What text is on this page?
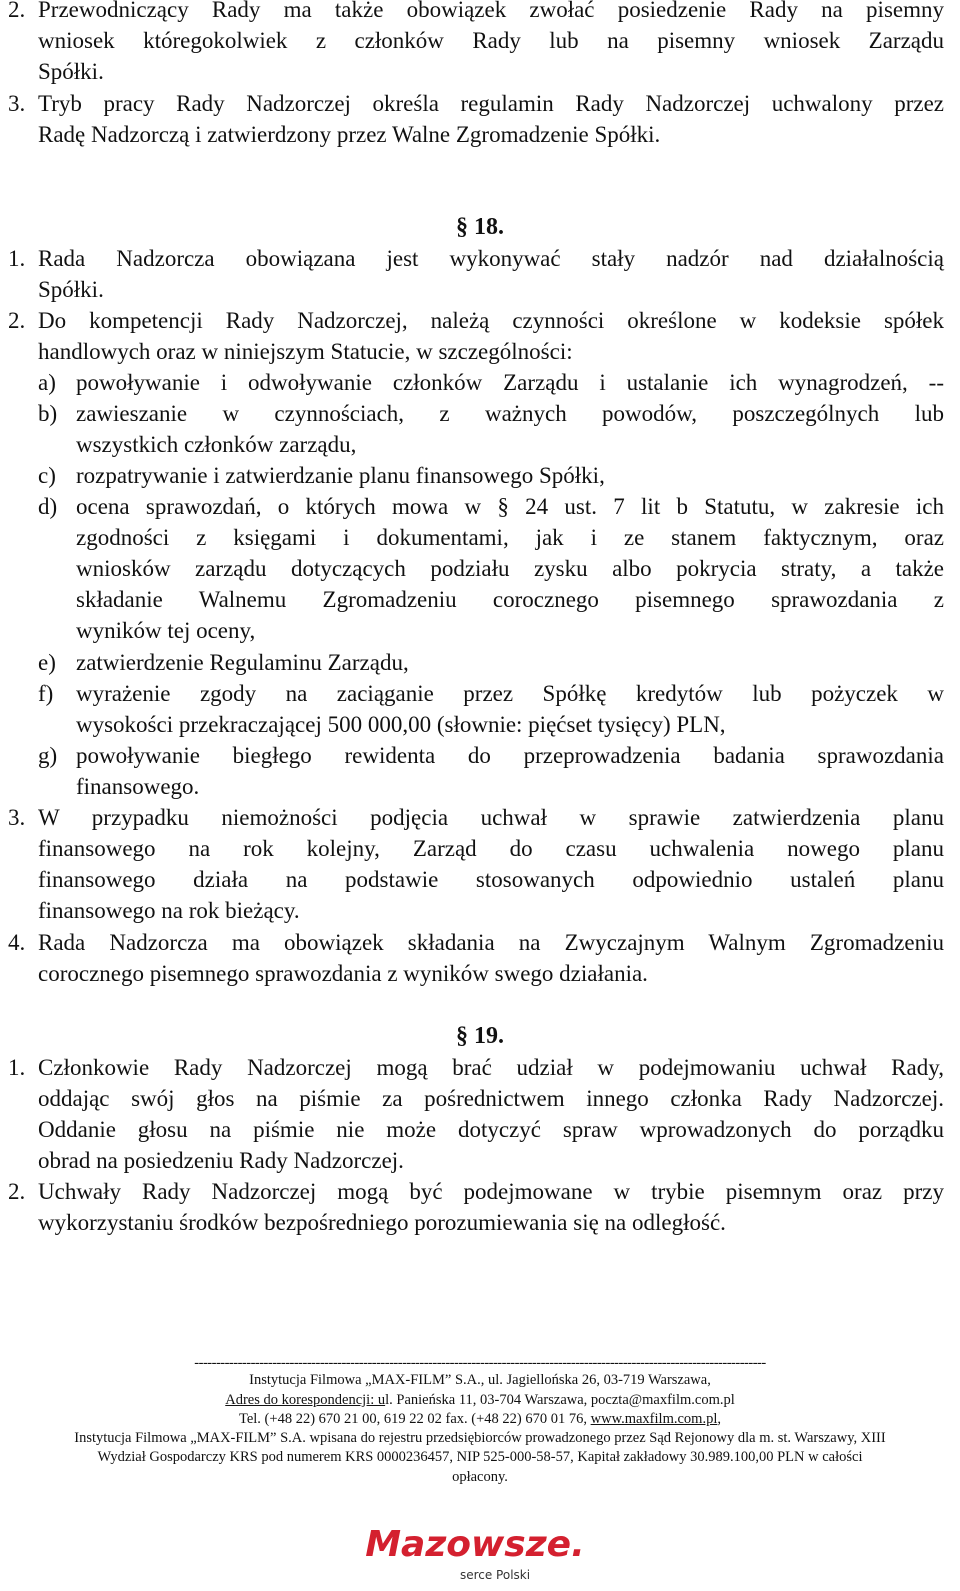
2. Przewodniczący Rady ma także obowiązek zwołać posiedzenie Rady na pisemny
wniosek któregokolwiek z członków Rady lub na pisemny wniosek Zarządu
Spółki.
3. Tryb pracy Rady Nadzorczej określa regulamin Rady Nadzorczej uchwalony przez
Radę Nadzorczą i zatwierdzony przez Walne Zgromadzenie Spółki.
1. Rada Nadzorcza obowiązana jest wykonywać stały nadzór nad działalnością
Spółki.
2. Do kompetencji Rady Nadzorczej, należą czynności określone w kodeksie spółek
handlowych oraz w niniejszym Statucie, w szczególności:
a) powoływanie i odwoływanie członków Zarządu i ustalanie ich wynagrodzeń, --
b) zawieszanie w czynnościach, z ważnych powodów, poszczególnych lub
wszystkich członków zarządu,
c) rozpatrywanie i zatwierdzanie planu finansowego Spółki,
d) ocena sprawozdań, o których mowa w § 24 ust. 7 lit b Statutu, w zakresie ich
zgodności z księgami i dokumentami, jak i ze stanem faktycznym, oraz
wniosków zarządu dotyczących podziału zysku albo pokrycia straty, a także
składanie Walnemu Zgromadzeniu corocznego pisemnego sprawozdania z
wyników tej oceny,
e) zatwierdzenie Regulaminu Zarządu,
f) wyrażenie zgody na zaciąganie przez Spółkę kredytów lub pożyczek w
wysokości przekraczającej 500 000,00 (słownie: pięćset tysięcy) PLN,
g) powoływanie biegłego rewidenta do przeprowadzenia badania sprawozdania
finansowego.
3. W przypadku niemożności podjęcia uchwał w sprawie zatwierdzenia planu
finansowego na rok kolejny, Zarząd do czasu uchwalenia nowego planu
finansowego działa na podstawie stosowanych odpowiednio ustaleń planu
finansowego na rok bieżący.
4. Rada Nadzorcza ma obowiązek składania na Zwyczajnym Walnym Zgromadzeniu
corocznego pisemnego sprawozdania z wyników swego działania.
1. Członkowie Rady Nadzorczej mogą brać udział w podejmowaniu uchwał Rady,
oddając swój głos na piśmie za pośrednictwem innego członka Rady Nadzorczej.
Oddanie głosu na piśmie nie może dotyczyć spraw wprowadzonych do porządku
obrad na posiedzeniu Rady Nadzorczej.
2. Uchwały Rady Nadzorczej mogą być podejmowane w trybie pisemnym oraz przy
wykorzystaniu środków bezpośredniego porozumiewania się na odległość.
§ 18.
§ 19.
------------------------------------------------------------------------------------------------------------------------------------
Instytucja Filmowa „MAX-FILM” S.A., ul. Jagiellońska 26, 03-719 Warszawa,
Adres do korespondencji: ul. Panieńska 11, 03-704 Warszawa, poczta@maxfilm.com.pl
Tel. (+48 22) 670 21 00, 619 22 02 fax. (+48 22) 670 01 76, www.maxfilm.com.pl,
Instytucja Filmowa „MAX-FILM” S.A. wpisana do rejestru przedsiębiorców prowadzonego przez Sąd Rejonowy dla m. st. Warszawy, XIII
Wydział Gospodarczy KRS pod numerem KRS 0000236457, NIP 525-000-58-57, Kapitał zakładowy 30.989.100,00 PLN w całości
opłacony.
Mazowsze.
serce Polski
